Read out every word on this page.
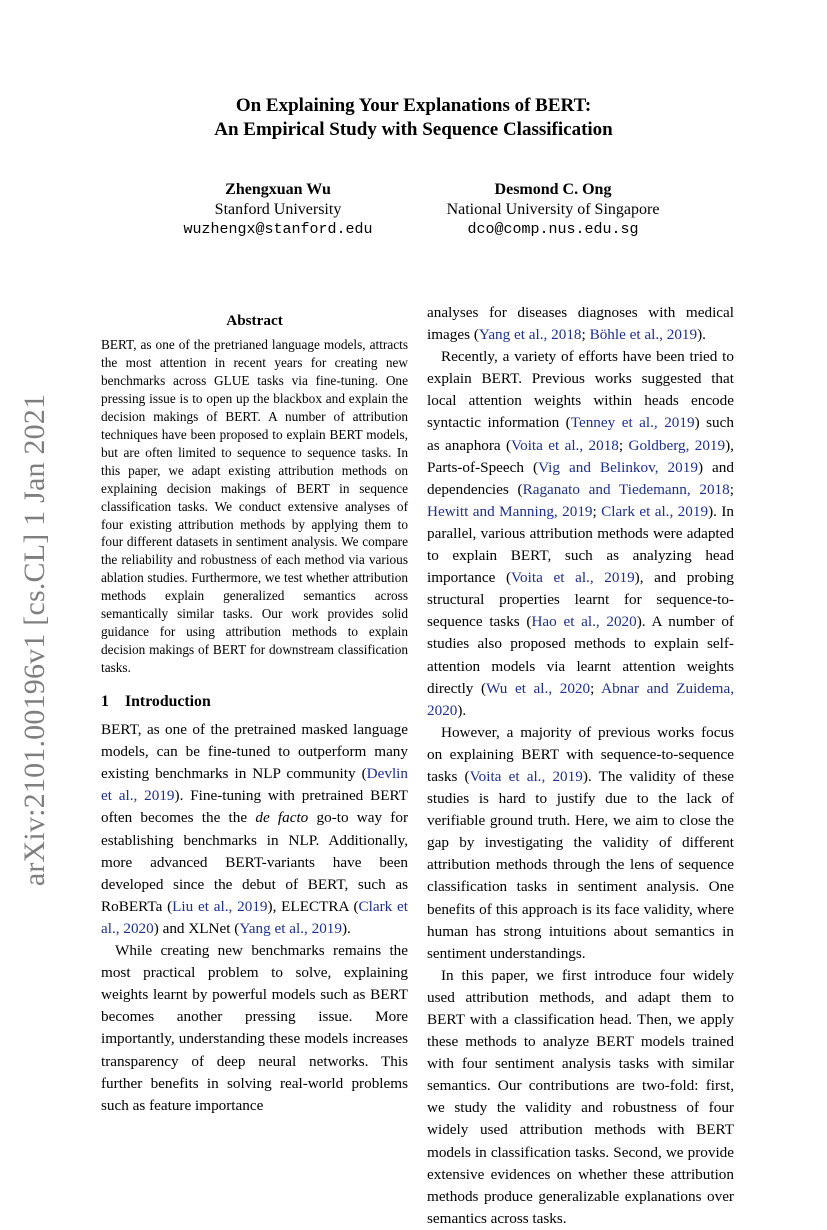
arXiv:2101.00196v1 [cs.CL] 1 Jan 2021
On Explaining Your Explanations of BERT:
An Empirical Study with Sequence Classification
Zhengxuan Wu
Stanford University
wuzhengx@stanford.edu
Desmond C. Ong
National University of Singapore
dco@comp.nus.edu.sg
Abstract

BERT, as one of the pretrianed language models, attracts the most attention in recent years for creating new benchmarks across GLUE tasks via fine-tuning. One pressing issue is to open up the blackbox and explain the decision makings of BERT. A number of attribution techniques have been proposed to explain BERT models, but are often limited to sequence to sequence tasks. In this paper, we adapt existing attribution methods on explaining decision makings of BERT in sequence classification tasks. We conduct extensive analyses of four existing attribution methods by applying them to four different datasets in sentiment analysis. We compare the reliability and robustness of each method via various ablation studies. Furthermore, we test whether attribution methods explain generalized semantics across semantically similar tasks. Our work provides solid guidance for using attribution methods to explain decision makings of BERT for downstream classification tasks.

1 Introduction

BERT, as one of the pretrained masked language models, can be fine-tuned to outperform many existing benchmarks in NLP community (Devlin et al., 2019). Fine-tuning with pretrained BERT often becomes the the de facto go-to way for establishing benchmarks in NLP. Additionally, more advanced BERT-variants have been developed since the debut of BERT, such as RoBERTa (Liu et al., 2019), ELECTRA (Clark et al., 2020) and XLNet (Yang et al., 2019).

While creating new benchmarks remains the most practical problem to solve, explaining weights learnt by powerful models such as BERT becomes another pressing issue. More importantly, understanding these models increases transparency of deep neural networks. This further benefits in solving real-world problems such as feature importance

analyses for diseases diagnoses with medical images (Yang et al., 2018; Böhle et al., 2019).

Recently, a variety of efforts have been tried to explain BERT. Previous works suggested that local attention weights within heads encode syntactic information (Tenney et al., 2019) such as anaphora (Voita et al., 2018; Goldberg, 2019), Parts-of-Speech (Vig and Belinkov, 2019) and dependencies (Raganato and Tiedemann, 2018; Hewitt and Manning, 2019; Clark et al., 2019). In parallel, various attribution methods were adapted to explain BERT, such as analyzing head importance (Voita et al., 2019), and probing structural properties learnt for sequence-to-sequence tasks (Hao et al., 2020). A number of studies also proposed methods to explain self-attention models via learnt attention weights directly (Wu et al., 2020; Abnar and Zuidema, 2020).

However, a majority of previous works focus on explaining BERT with sequence-to-sequence tasks (Voita et al., 2019). The validity of these studies is hard to justify due to the lack of verifiable ground truth. Here, we aim to close the gap by investigating the validity of different attribution methods through the lens of sequence classification tasks in sentiment analysis. One benefits of this approach is its face validity, where human has strong intuitions about semantics in sentiment understandings.

In this paper, we first introduce four widely used attribution methods, and adapt them to BERT with a classification head. Then, we apply these methods to analyze BERT models trained with four sentiment analysis tasks with similar semantics. Our contributions are two-fold: first, we study the validity and robustness of four widely used attribution methods with BERT models in classification tasks. Second, we provide extensive evidences on whether these attribution methods produce generalizable explanations over semantics across tasks.
